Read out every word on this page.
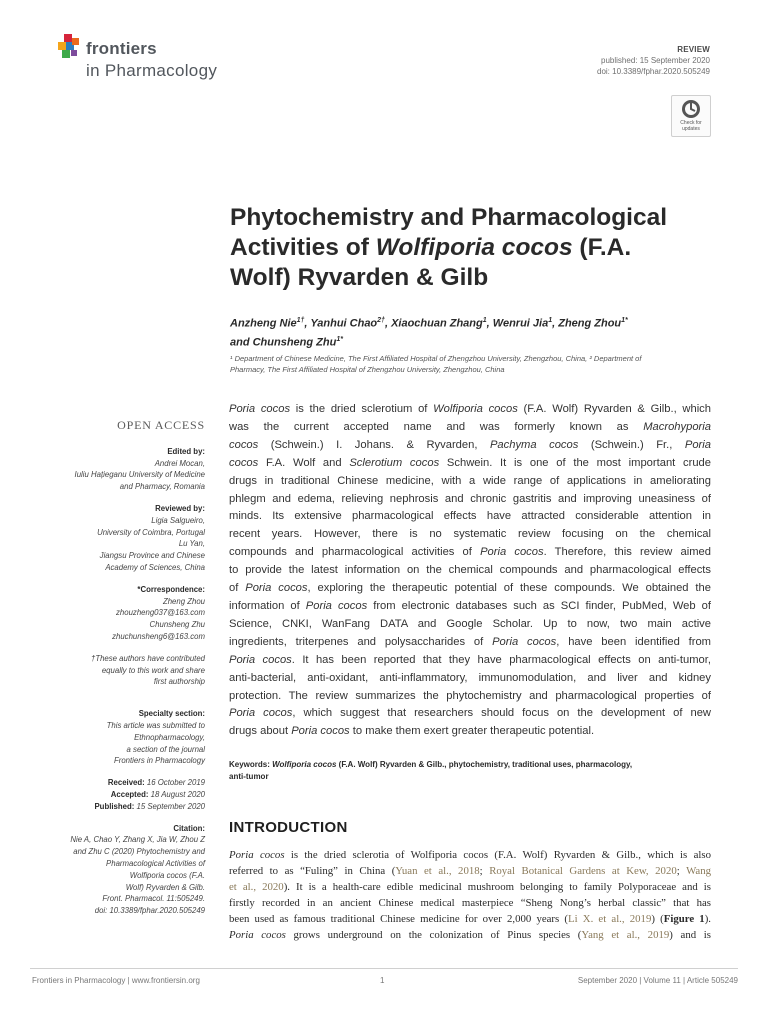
frontiers
in Pharmacology
REVIEW
published: 15 September 2020
doi: 10.3389/fphar.2020.505249
Check for
updates
Phytochemistry and Pharmacological
Activities of Wolfiporia cocos (F.A.
Wolf) Ryvarden & Gilb
Anzheng Nie$^{1\dagger}$, Yanhui Chao$^{2\dagger}$, Xiaochuan Zhang$^1$, Wenrui Jia$^1$, Zheng Zhou$^{1*}$
and Chunsheng Zhu$^{1*}$
¹ Department of Chinese Medicine, The First Affiliated Hospital of Zhengzhou University, Zhengzhou, China, ² Department of
Pharmacy, The First Affiliated Hospital of Zhengzhou University, Zhengzhou, China
OPEN ACCESS
Edited by:
Andrei Mocan,
Iuliu Hațieganu University of Medicine
and Pharmacy, Romania
Reviewed by:
Ligia Salgueiro,
University of Coimbra, Portugal
Lu Yan,
Jiangsu Province and Chinese
Academy of Sciences, China
*Correspondence:
Zheng Zhou
zhouzheng037@163.com
Chunsheng Zhu
zhuchunsheng6@163.com
†These authors have contributed
equally to this work and share
first authorship
Specialty section:
This article was submitted to
Ethnopharmacology,
a section of the journal
Frontiers in Pharmacology
Received: 16 October 2019
Accepted: 18 August 2020
Published: 15 September 2020
Citation:
Nie A, Chao Y, Zhang X, Jia W, Zhou Z
and Zhu C (2020) Phytochemistry and
Pharmacological Activities of
Wolfiporia cocos (F.A.
Wolf) Ryvarden & Gilb.
Front. Pharmacol. 11:505249.
doi: 10.3389/fphar.2020.505249
Poria cocos is the dried sclerotium of Wolfiporia cocos (F.A. Wolf) Ryvarden & Gilb., which
was the current accepted name and was formerly known as Macrohyporia
cocos (Schwein.) I. Johans. & Ryvarden, Pachyma cocos (Schwein.) Fr., Poria
cocos F.A. Wolf and Sclerotium cocos Schwein. It is one of the most important crude
drugs in traditional Chinese medicine, with a wide range of applications in ameliorating
phlegm and edema, relieving nephrosis and chronic gastritis and improving uneasiness of
minds. Its extensive pharmacological effects have attracted considerable attention in
recent years. However, there is no systematic review focusing on the chemical
compounds and pharmacological activities of Poria cocos. Therefore, this review aimed
to provide the latest information on the chemical compounds and pharmacological effects
of Poria cocos, exploring the therapeutic potential of these compounds. We obtained the
information of Poria cocos from electronic databases such as SCI finder, PubMed, Web of
Science, CNKI, WanFang DATA and Google Scholar. Up to now, two main active
ingredients, triterpenes and polysaccharides of Poria cocos, have been identified from
Poria cocos. It has been reported that they have pharmacological effects on anti-tumor,
anti-bacterial, anti-oxidant, anti-inflammatory, immunomodulation, and liver and kidney
protection. The review summarizes the phytochemistry and pharmacological properties of
Poria cocos, which suggest that researchers should focus on the development of new
drugs about Poria cocos to make them exert greater therapeutic potential.
Keywords: Wolfiporia cocos (F.A. Wolf) Ryvarden & Gilb., phytochemistry, traditional uses, pharmacology,
anti-tumor
INTRODUCTION
Poria cocos is the dried sclerotia of Wolfiporia cocos (F.A. Wolf) Ryvarden & Gilb., which is also
referred to as “Fuling” in China (Yuan et al., 2018; Royal Botanical Gardens at Kew, 2020; Wang
et al., 2020). It is a health-care edible medicinal mushroom belonging to family Polyporaceae and is
firstly recorded in an ancient Chinese medical masterpiece “Sheng Nong’s herbal classic” that has
been used as famous traditional Chinese medicine for over 2,000 years (Li X. et al., 2019) (Figure 1).
Poria cocos grows underground on the colonization of Pinus species (Yang et al., 2019) and is
Frontiers in Pharmacology | www.frontiersin.org	1	September 2020 | Volume 11 | Article 505249
